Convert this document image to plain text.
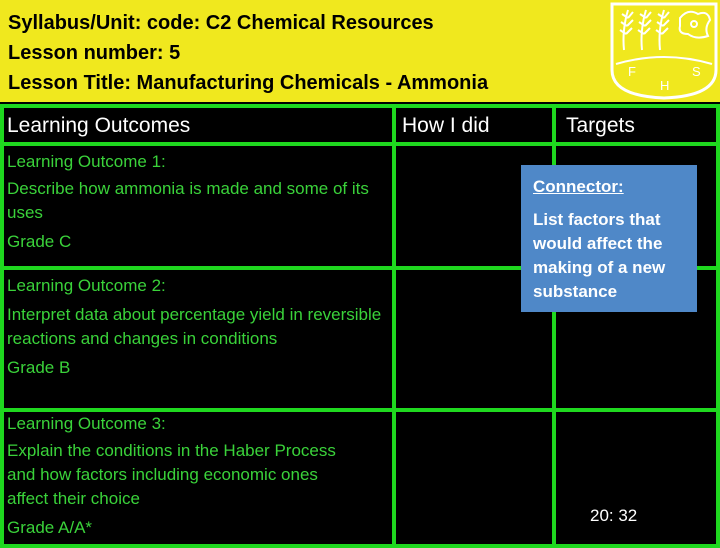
Syllabus/Unit: code: C2 Chemical Resources
Lesson number: 5
Lesson Title: Manufacturing Chemicals - Ammonia
F
H
S
Learning Outcomes	How I did	Targets
Learning Outcome 1:
Describe how ammonia is made and some of its uses
Grade C
Learning Outcome 2:
Interpret data about percentage yield in reversible reactions and changes in conditions
Grade B
Learning Outcome 3:
Explain the conditions in the Haber Process and how factors including economic ones affect their choice
Grade A/A*
Connector:
List factors that would affect the making of a new substance
20: 32
